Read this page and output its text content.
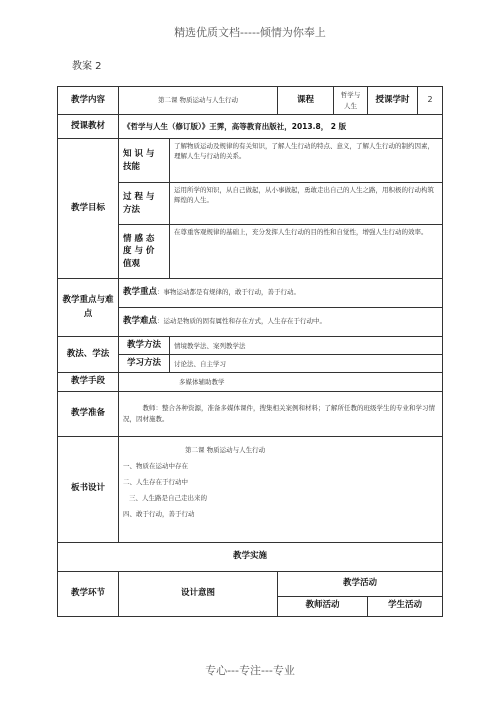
精选优质文档-----倾情为你奉上
教案 2
教学内容	第二课 物质运动与人生行动		课程	哲学与人生	授课学时	2
授课教材	《哲学与人生（修订版）》王霁，高等教育出版社，2013.8， 2 版					
教学目标	知 识 与 技能	了解物质运动及规律的有关知识，了解人生行动的特点、意义，了解人生行动的制约因素，理解人生与行动的关系。				
	过 程 与 方法	运用所学的知识，从自己做起，从小事做起，勇敢走出自己的人生之路，用积极的行动构筑辉煌的人生。				
	情 感 态 度 与 价 值观	在尊重客观规律的基础上，充分发挥人生行动的目的性和自觉性，增强人生行动的效率。				
教学重点与难点	教学重点：事物运动都是有规律的，敢于行动，善于行动。					
	教学难点：运动是物质的固有属性和存在方式，人生存在于行动中。					
教法、学法	教学方法	情境教学法、案列教学法				
	学习方法	讨论法、自主学习				
教学手段	多媒体辅助教学					
教学准备	教师：整合各种资源，准备多媒体课件，搜集相关案例和材料；了解所任教的班级学生的专业和学习情况，因材施教。					
板书设计	第二课 物质运动与人生行动
一、物质在运动中存在
二、人生存在于行动中
三、人生路是自己走出来的
四、敢于行动，善于行动					

教学实施						
教学环节	设计意图		教学活动			
			教师活动		学生活动	
专心---专注---专业
